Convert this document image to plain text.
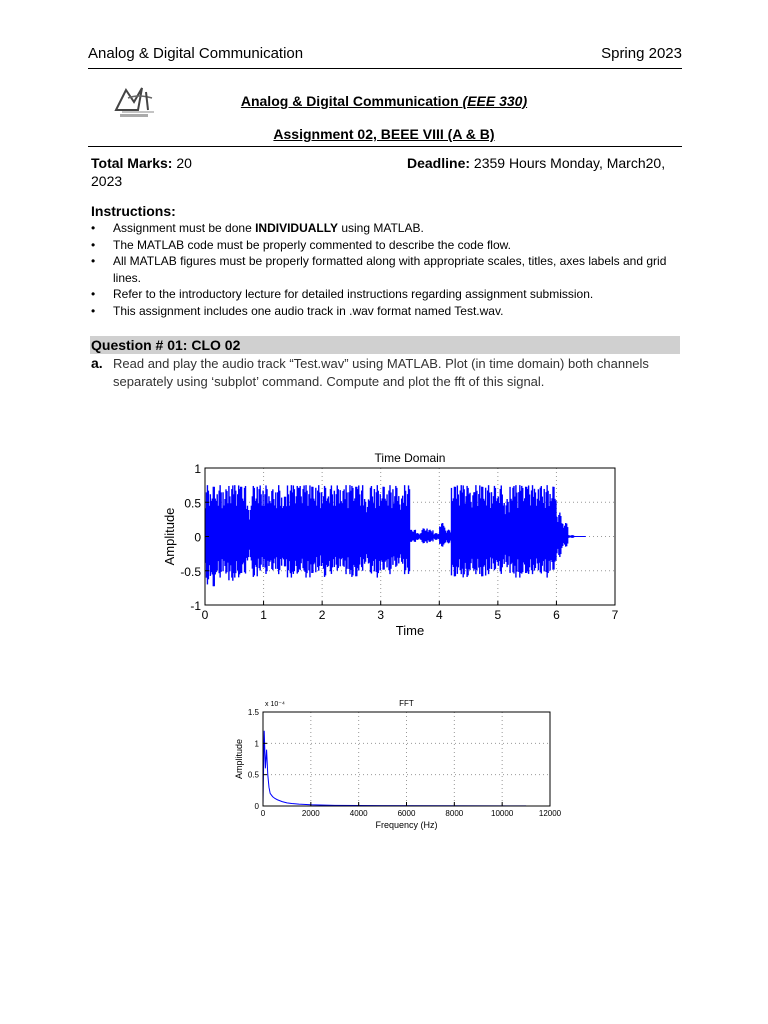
Analog & Digital Communication	Spring 2023
Analog & Digital Communication (EEE 330)
Assignment 02, BEEE VIII (A & B)
Total Marks: 20	Deadline: 2359 Hours Monday, March20,
2023
Instructions:
• Assignment must be done INDIVIDUALLY using MATLAB.
• The MATLAB code must be properly commented to describe the code flow.
• All MATLAB figures must be properly formatted along with appropriate scales, titles, axes labels and grid lines.
• Refer to the introductory lecture for detailed instructions regarding assignment submission.
• This assignment includes one audio track in .wav format named Test.wav.
Question # 01: CLO 02
a. Read and play the audio track “Test.wav” using MATLAB. Plot (in time domain) both channels separately using ‘subplot’ command. Compute and plot the fft of this signal.
0	1	2	3	4	5	6	7
-1
-0.5
0
0.5
1
Time Domain
Time
Amplitude
0	2000	4000	6000	8000	10000	12000
0
0.5
1
1.5
FFT
Frequency (Hz)
Amplitude
x 10⁻⁴
